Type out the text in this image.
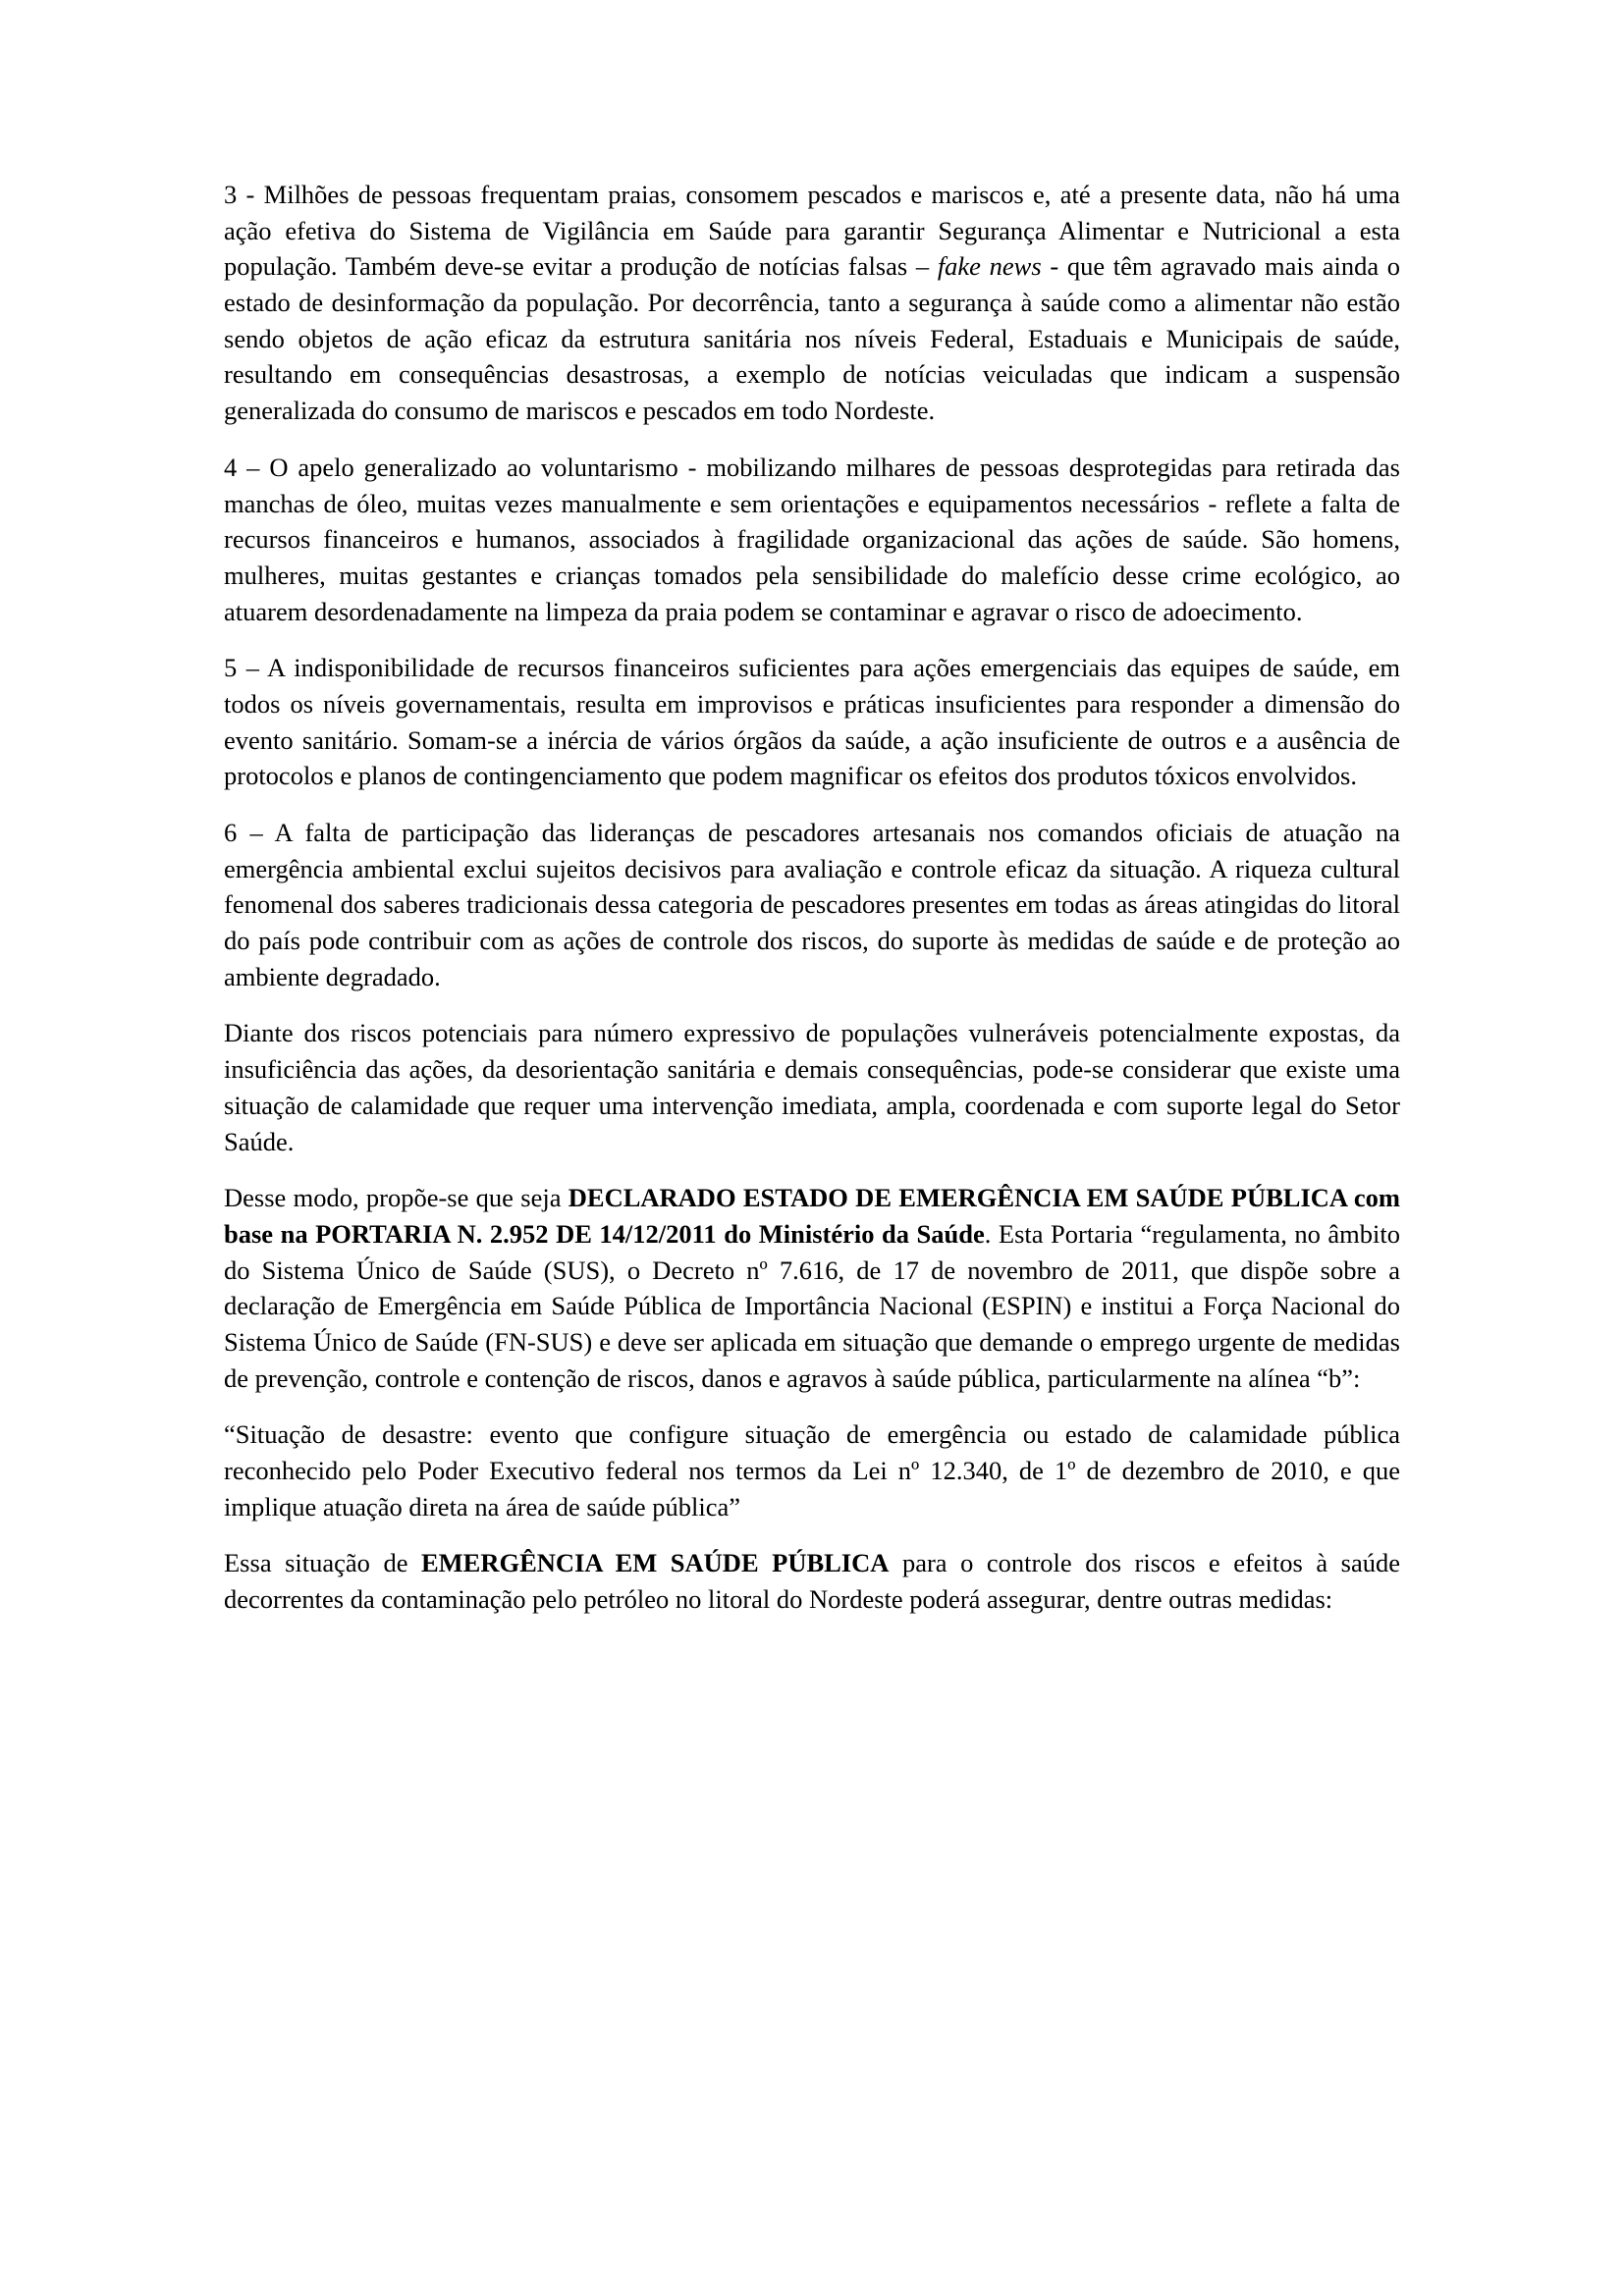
3 - Milhões de pessoas frequentam praias, consomem pescados e mariscos e, até a presente data, não há uma ação efetiva do Sistema de Vigilância em Saúde para garantir Segurança Alimentar e Nutricional a esta população. Também deve-se evitar a produção de notícias falsas – fake news - que têm agravado mais ainda o estado de desinformação da população. Por decorrência, tanto a segurança à saúde como a alimentar não estão sendo objetos de ação eficaz da estrutura sanitária nos níveis Federal, Estaduais e Municipais de saúde, resultando em consequências desastrosas, a exemplo de notícias veiculadas que indicam a suspensão generalizada do consumo de mariscos e pescados em todo Nordeste.

4 – O apelo generalizado ao voluntarismo - mobilizando milhares de pessoas desprotegidas para retirada das manchas de óleo, muitas vezes manualmente e sem orientações e equipamentos necessários - reflete a falta de recursos financeiros e humanos, associados à fragilidade organizacional das ações de saúde. São homens, mulheres, muitas gestantes e crianças tomados pela sensibilidade do malefício desse crime ecológico, ao atuarem desordenadamente na limpeza da praia podem se contaminar e agravar o risco de adoecimento.

5 – A indisponibilidade de recursos financeiros suficientes para ações emergenciais das equipes de saúde, em todos os níveis governamentais, resulta em improvisos e práticas insuficientes para responder a dimensão do evento sanitário. Somam-se a inércia de vários órgãos da saúde, a ação insuficiente de outros e a ausência de protocolos e planos de contingenciamento que podem magnificar os efeitos dos produtos tóxicos envolvidos.

6 – A falta de participação das lideranças de pescadores artesanais nos comandos oficiais de atuação na emergência ambiental exclui sujeitos decisivos para avaliação e controle eficaz da situação. A riqueza cultural fenomenal dos saberes tradicionais dessa categoria de pescadores presentes em todas as áreas atingidas do litoral do país pode contribuir com as ações de controle dos riscos, do suporte às medidas de saúde e de proteção ao ambiente degradado.

Diante dos riscos potenciais para número expressivo de populações vulneráveis potencialmente expostas, da insuficiência das ações, da desorientação sanitária e demais consequências, pode-se considerar que existe uma situação de calamidade que requer uma intervenção imediata, ampla, coordenada e com suporte legal do Setor Saúde.

Desse modo, propõe-se que seja DECLARADO ESTADO DE EMERGÊNCIA EM SAÚDE PÚBLICA com base na PORTARIA N. 2.952 DE 14/12/2011 do Ministério da Saúde. Esta Portaria “regulamenta, no âmbito do Sistema Único de Saúde (SUS), o Decreto nº 7.616, de 17 de novembro de 2011, que dispõe sobre a declaração de Emergência em Saúde Pública de Importância Nacional (ESPIN) e institui a Força Nacional do Sistema Único de Saúde (FN-SUS) e deve ser aplicada em situação que demande o emprego urgente de medidas de prevenção, controle e contenção de riscos, danos e agravos à saúde pública, particularmente na alínea “b”:

“Situação de desastre: evento que configure situação de emergência ou estado de calamidade pública reconhecido pelo Poder Executivo federal nos termos da Lei nº 12.340, de 1º de dezembro de 2010, e que implique atuação direta na área de saúde pública”

Essa situação de EMERGÊNCIA EM SAÚDE PÚBLICA para o controle dos riscos e efeitos à saúde decorrentes da contaminação pelo petróleo no litoral do Nordeste poderá assegurar, dentre outras medidas:
